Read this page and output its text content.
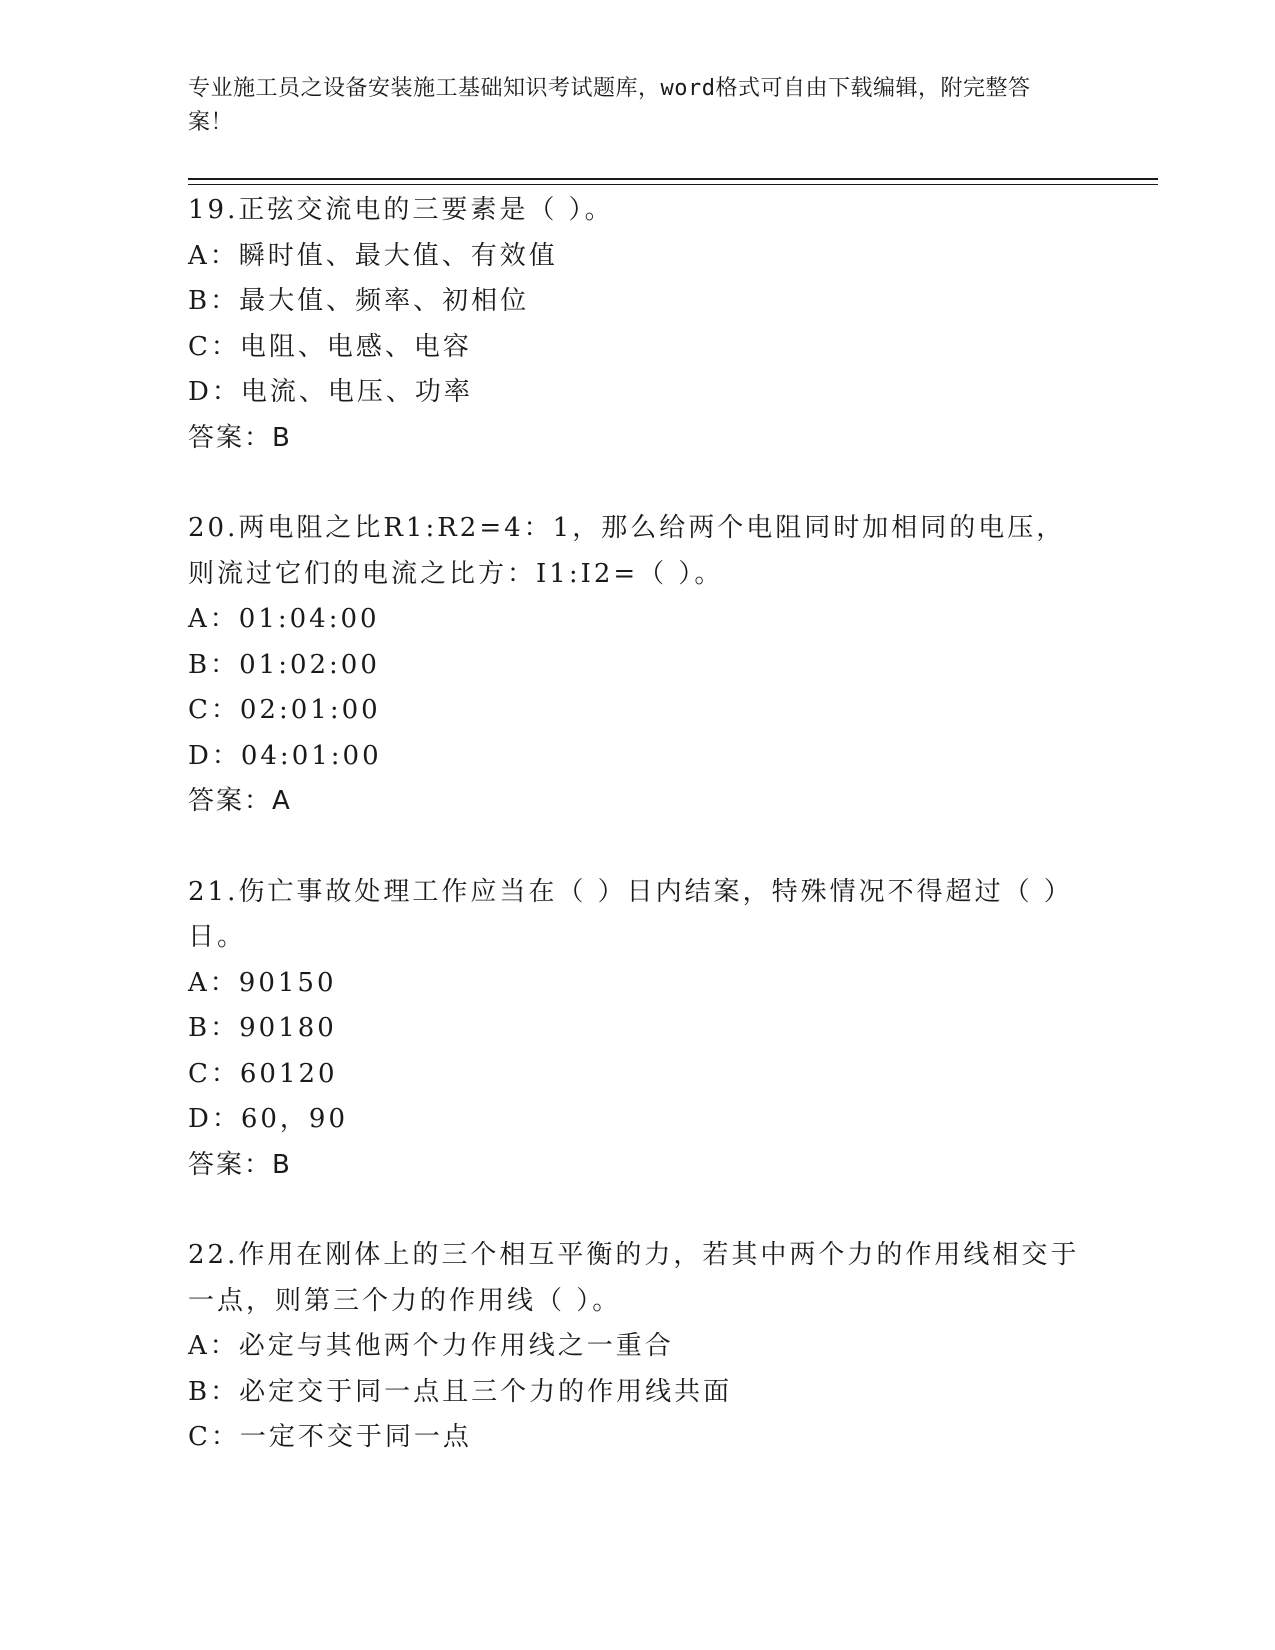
专业施工员之设备安装施工基础知识考试题库，word格式可自由下载编辑，附完整答案！

19.正弦交流电的三要素是（ ）。

A：瞬时值、最大值、有效值

B：最大值、频率、初相位

C：电阻、电感、电容

D：电流、电压、功率

答案：B

20.两电阻之比R1:R2=4：1，那么给两个电阻同时加相同的电压，则流过它们的电流之比方：I1:I2=（ ）。

A：01:04:00

B：01:02:00

C：02:01:00

D：04:01:00

答案：A

21.伤亡事故处理工作应当在（ ）日内结案，特殊情况不得超过（ ）日。

A：90150

B：90180

C：60120

D：60，90

答案：B

22.作用在刚体上的三个相互平衡的力，若其中两个力的作用线相交于一点，则第三个力的作用线（ ）。

A：必定与其他两个力作用线之一重合

B：必定交于同一点且三个力的作用线共面

C：一定不交于同一点
